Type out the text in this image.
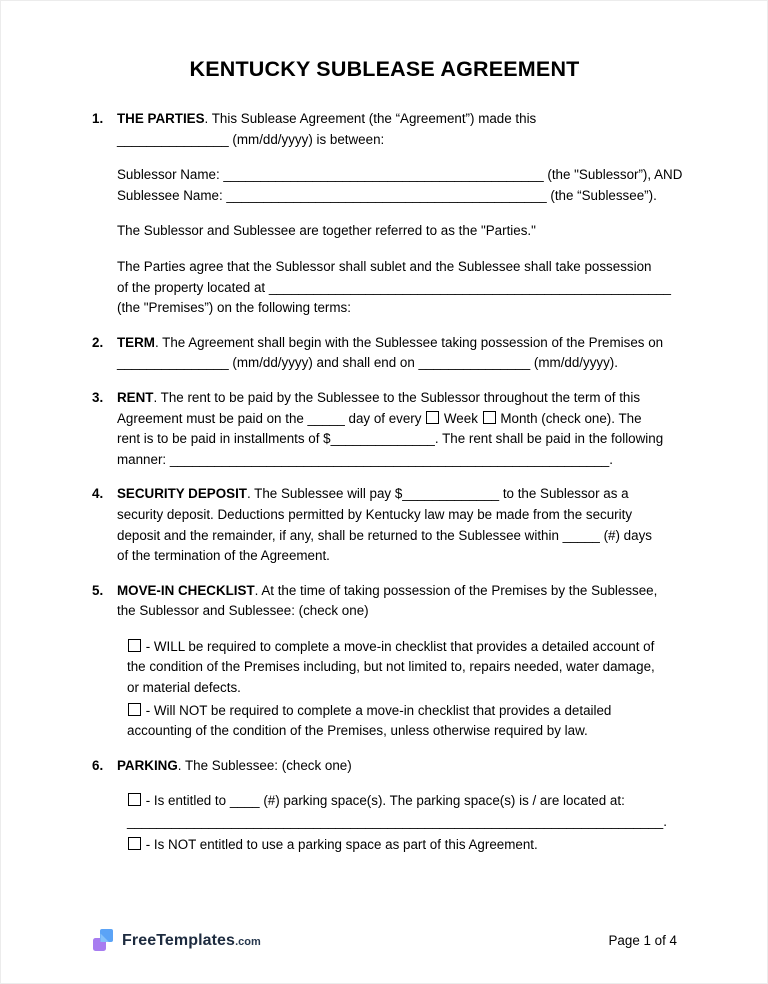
KENTUCKY SUBLEASE AGREEMENT
1.	THE PARTIES. This Sublease Agreement (the “Agreement”) made this
_______________ (mm/dd/yyyy) is between:
Sublessor Name: ___________________________________________ (the "Sublessor”), AND
Sublessee Name: ___________________________________________ (the “Sublessee”).
The Sublessor and Sublessee are together referred to as the "Parties."
The Parties agree that the Sublessor shall sublet and the Sublessee shall take possession
of the property located at ______________________________________________________
(the "Premises”) on the following terms:
2.	TERM. The Agreement shall begin with the Sublessee taking possession of the Premises on
_______________ (mm/dd/yyyy) and shall end on _______________ (mm/dd/yyyy).
3.	RENT. The rent to be paid by the Sublessee to the Sublessor throughout the term of this
Agreement must be paid on the _____ day of every  Week  Month (check one). The
rent is to be paid in installments of $______________. The rent shall be paid in the following
manner: ___________________________________________________________.
4.	SECURITY DEPOSIT. The Sublessee will pay $_____________ to the Sublessor as a
security deposit. Deductions permitted by Kentucky law may be made from the security
deposit and the remainder, if any, shall be returned to the Sublessee within _____ (#) days
of the termination of the Agreement.
5.	MOVE-IN CHECKLIST. At the time of taking possession of the Premises by the Sublessee,
the Sublessor and Sublessee: (check one)
- WILL be required to complete a move-in checklist that provides a detailed account of
the condition of the Premises including, but not limited to, repairs needed, water damage,
or material defects.
- Will NOT be required to complete a move-in checklist that provides a detailed
accounting of the condition of the Premises, unless otherwise required by law.
6.	PARKING. The Sublessee: (check one)
- Is entitled to ____ (#) parking space(s). The parking space(s) is / are located at:
________________________________________________________________________.
- Is NOT entitled to use a parking space as part of this Agreement.
FreeTemplates.com	Page 1 of 4
